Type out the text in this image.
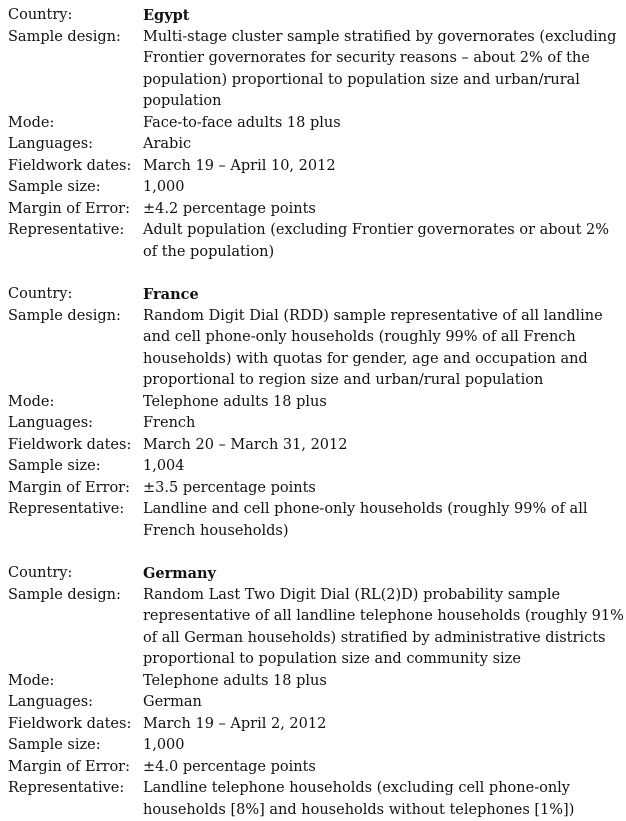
Country:	Egypt
Sample design:	Multi-stage cluster sample stratified by governorates (excluding Frontier governorates for security reasons – about 2% of the population) proportional to population size and urban/rural population
Mode:	Face-to-face adults 18 plus
Languages:	Arabic
Fieldwork dates: March 19 – April 10, 2012
Sample size:	1,000
Margin of Error: ±4.2 percentage points
Representative:	Adult population (excluding Frontier governorates or about 2% of the population)
Country:	France
Sample design:	Random Digit Dial (RDD) sample representative of all landline and cell phone-only households (roughly 99% of all French households) with quotas for gender, age and occupation and proportional to region size and urban/rural population
Mode:	Telephone adults 18 plus
Languages:	French
Fieldwork dates: March 20 – March 31, 2012
Sample size:	1,004
Margin of Error: ±3.5 percentage points
Representative:	Landline and cell phone-only households (roughly 99% of all French households)
Country:	Germany
Sample design:	Random Last Two Digit Dial (RL(2)D) probability sample representative of all landline telephone households (roughly 91% of all German households) stratified by administrative districts proportional to population size and community size
Mode:	Telephone adults 18 plus
Languages:	German
Fieldwork dates: March 19 – April 2, 2012
Sample size:	1,000
Margin of Error: ±4.0 percentage points
Representative:	Landline telephone households (excluding cell phone-only households [8%] and households without telephones [1%])
